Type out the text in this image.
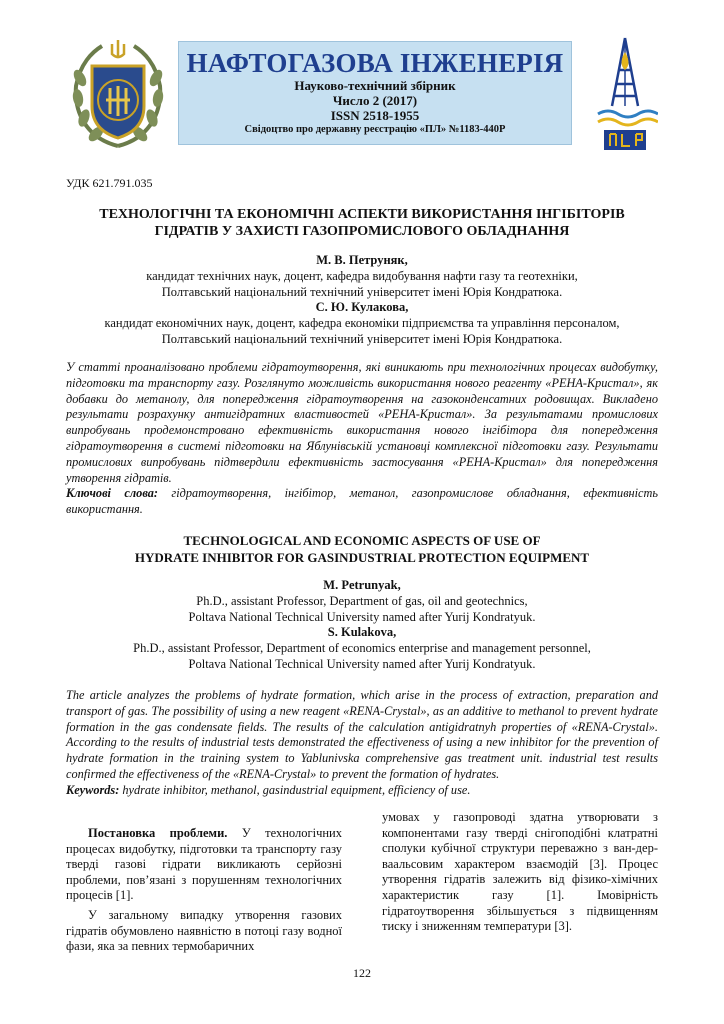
НАФТОГАЗОВА ІНЖЕНЕРІЯ
Науково-технічний збірник
Число 2 (2017)
ISSN 2518-1955
Свідоцтво про державну реєстрацію «ПЛ» №1183-440Р
УДК 621.791.035
ТЕХНОЛОГІЧНІ ТА ЕКОНОМІЧНІ АСПЕКТИ ВИКОРИСТАННЯ ІНГІБІТОРІВ
ГІДРАТІВ У ЗАХИСТІ ГАЗОПРОМИСЛОВОГО ОБЛАДНАННЯ
М. В. Петруняк,
кандидат технічних наук, доцент, кафедра видобування нафти газу та геотехніки,
Полтавський національний технічний університет імені Юрія Кондратюка.
С. Ю. Кулакова,
кандидат економічних наук, доцент, кафедра економіки підприємства та управління персоналом,
Полтавський національний технічний університет імені Юрія Кондратюка.
У статті проаналізовано проблеми гідратоутворення, які виникають при технологічних процесах видобутку, підготовки та транспорту газу. Розглянуто можливість використання нового реагенту «РЕНА-Кристал», як добавки до метанолу, для попередження гідратоутворення на газоконденсатних родовищах. Викладено результати розрахунку антигідратних властивостей «РЕНА-Кристал». За результатами промислових випробувань продемонстровано ефективність використання нового інгібітора для попередження гідратоутворення в системі підготовки на Яблунівській установці комплексної підготовки газу. Результати промислових випробувань підтвердили ефективність застосування «РЕНА-Кристал» для попередження утворення гідратів.
Ключові слова: гідратоутворення, інгібітор, метанол, газопромислове обладнання, ефективність використання.
TECHNOLOGICAL AND ECONOMIC ASPECTS OF USE OF
HYDRATE INHIBITOR FOR GASINDUSTRIAL PROTECTION EQUIPMENT
M. Petrunyak,
Ph.D., assistant Professor, Department of gas, oil and geotechnics,
Poltava National Technical University named after Yurij Kondratyuk.
S. Kulakova,
Ph.D., assistant Professor, Department of economics enterprise and management personnel,
Poltava National Technical University named after Yurij Kondratyuk.
The article analyzes the problems of hydrate formation, which arise in the process of extraction, preparation and transport of gas. The possibility of using a new reagent «RENA-Crystal», as an additive to methanol to prevent hydrate formation in the gas condensate fields. The results of the calculation antigidratnyh properties of «RENA-Crystal». According to the results of industrial tests demonstrated the effectiveness of using a new inhibitor for the prevention of hydrate formation in the training system to Yablunivska comprehensive gas treatment unit. industrial test results confirmed the effectiveness of the «RENA-Crystal» to prevent the formation of hydrates.
Keywords: hydrate inhibitor, methanol, gasindustrial equipment, efficiency of use.

Постановка проблеми. У технологічних процесах видобутку, підготовки та транспорту газу тверді газові гідрати викликають серйозні проблеми, пов’язані з порушенням технологічних процесів [1].

У загальному випадку утворення газових гідратів обумовлено наявністю в потоці газу водної фази, яка за певних термобаричних

умовах у газопроводі здатна утворювати з компонентами газу тверді снігоподібні клатратні сполуки кубічної структури переважно з ван-дер-ваальсовим характером взаємодій [3]. Процес утворення гідратів залежить від фізико-хімічних характеристик газу [1]. Імовірність гідратоутворення збільшується з підвищенням тиску і зниженням температури [3].

122
